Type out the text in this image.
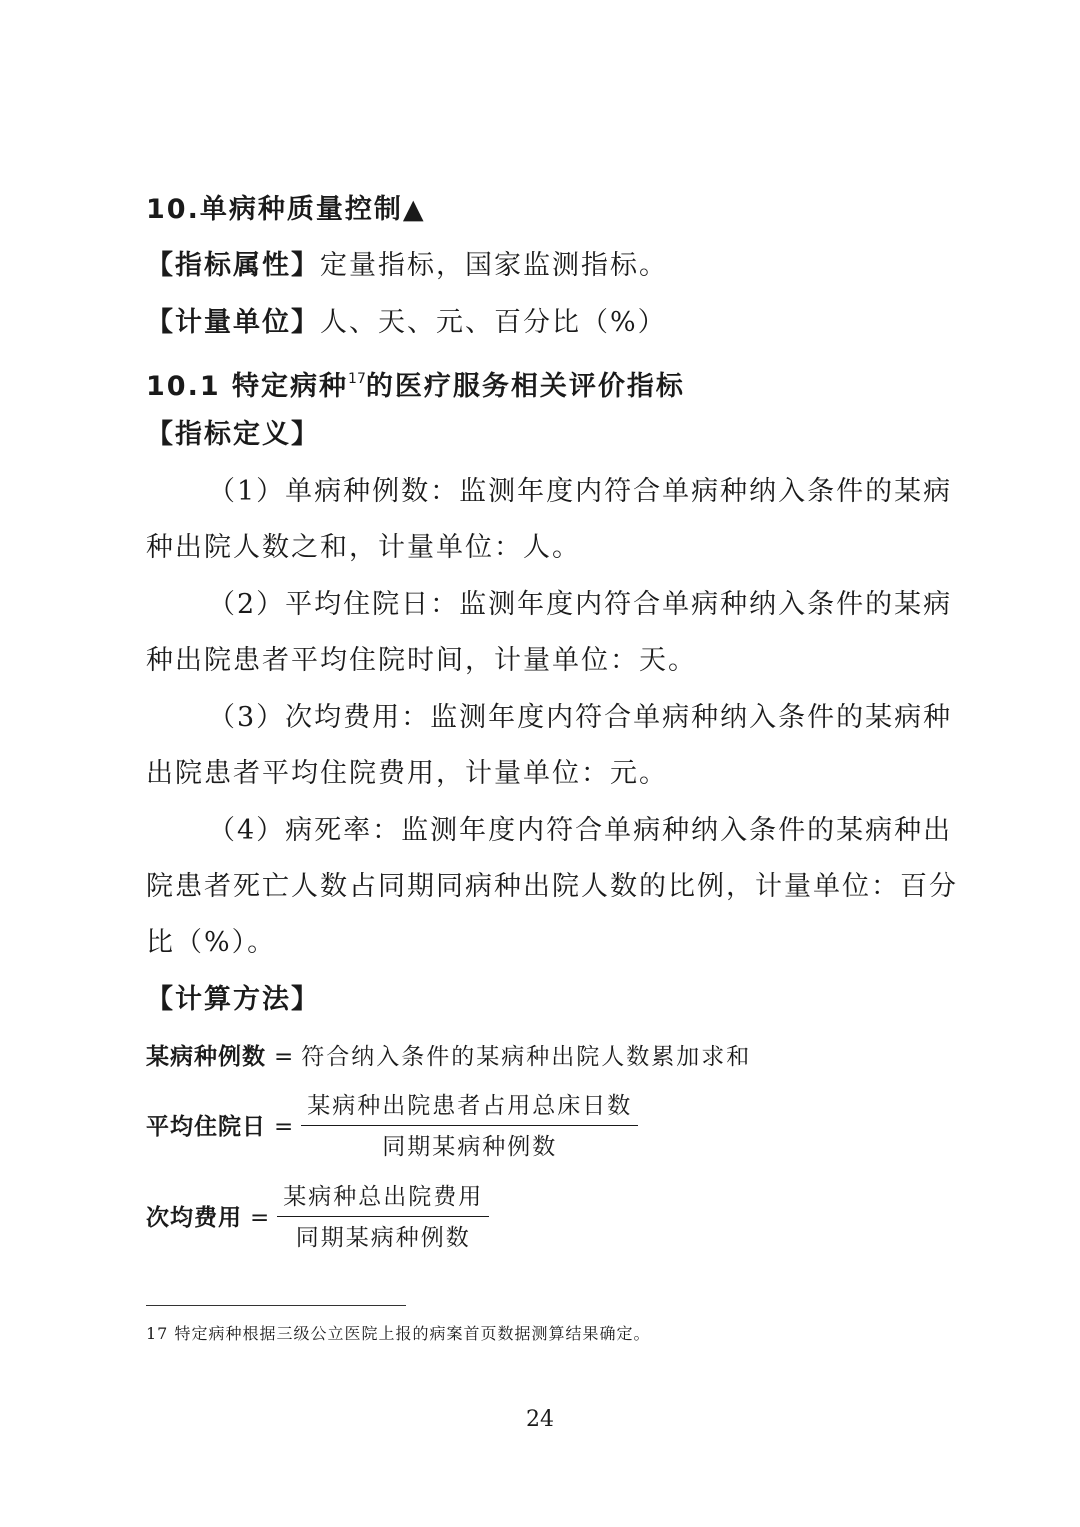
10.单病种质量控制▲
【指标属性】定量指标，国家监测指标。
【计量单位】人、天、元、百分比（%）
10.1 特定病种$^{17}$的医疗服务相关评价指标
【指标定义】
（1）单病种例数：监测年度内符合单病种纳入条件的某病
种出院人数之和，计量单位：人。
（2）平均住院日：监测年度内符合单病种纳入条件的某病
种出院患者平均住院时间，计量单位：天。
（3）次均费用：监测年度内符合单病种纳入条件的某病种
出院患者平均住院费用，计量单位：元。
（4）病死率：监测年度内符合单病种纳入条件的某病种出
院患者死亡人数占同期同病种出院人数的比例，计量单位：百分
比（%）。
【计算方法】
某病种例数 = 符合纳入条件的某病种出院人数累加求和
平均住院日 = $\frac{\text{某病种出院患者占用总床日数}}{\text{同期某病种例数}}$
次均费用 = $\frac{\text{某病种总出院费用}}{\text{同期某病种例数}}$
17 特定病种根据三级公立医院上报的病案首页数据测算结果确定。
24
